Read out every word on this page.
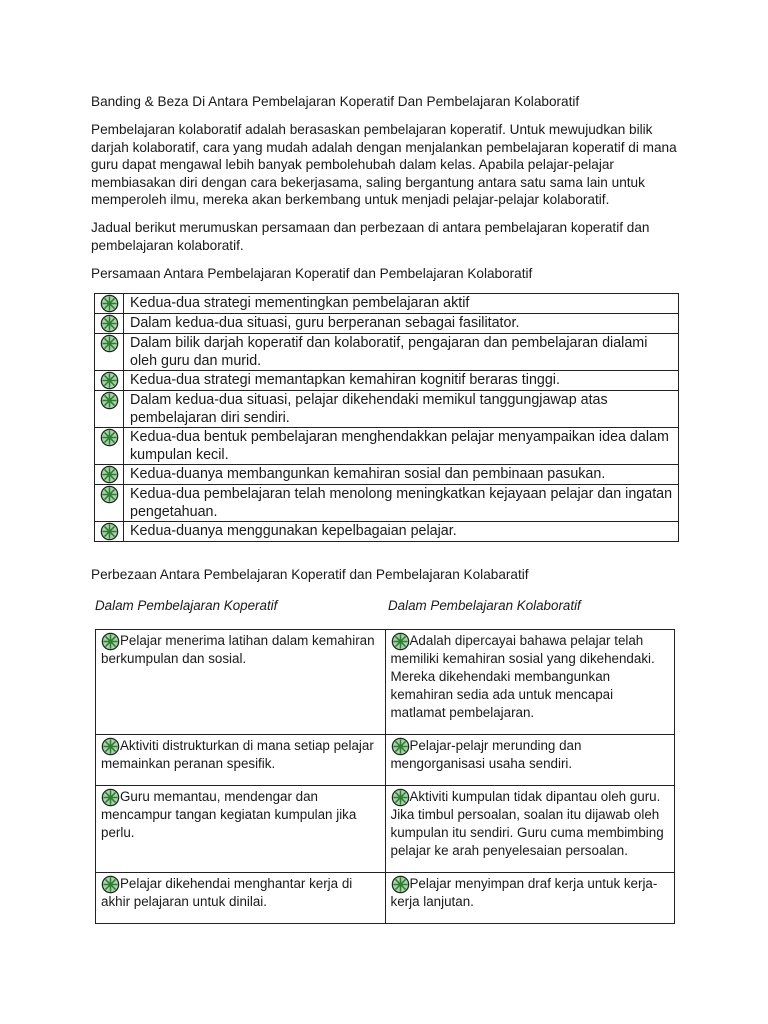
Banding & Beza Di Antara Pembelajaran Koperatif Dan Pembelajaran Kolaboratif

Pembelajaran kolaboratif adalah berasaskan pembelajaran koperatif. Untuk mewujudkan bilik darjah kolaboratif, cara yang mudah adalah dengan menjalankan pembelajaran koperatif di mana guru dapat mengawal lebih banyak pembolehubah dalam kelas. Apabila pelajar-pelajar membiasakan diri dengan cara bekerjasama, saling bergantung antara satu sama lain untuk memperoleh ilmu, mereka akan berkembang untuk menjadi pelajar-pelajar kolaboratif.

Jadual berikut merumuskan persamaan dan perbezaan di antara pembelajaran koperatif dan pembelajaran kolaboratif.

Persamaan Antara Pembelajaran Koperatif dan Pembelajaran Kolaboratif

	Kedua-dua strategi mementingkan pembelajaran aktif
	Dalam kedua-dua situasi, guru berperanan sebagai fasilitator.
	Dalam bilik darjah koperatif dan kolaboratif, pengajaran dan pembelajaran dialami oleh guru dan murid.
	Kedua-dua strategi memantapkan kemahiran kognitif beraras tinggi.
	Dalam kedua-dua situasi, pelajar dikehendaki memikul tanggungjawap atas pembelajaran diri sendiri.
	Kedua-dua bentuk pembelajaran menghendakkan pelajar menyampaikan idea dalam kumpulan kecil.
	Kedua-duanya membangunkan kemahiran sosial dan pembinaan pasukan.
	Kedua-dua pembelajaran telah menolong meningkatkan kejayaan pelajar dan ingatan pengetahuan.
	Kedua-duanya menggunakan kepelbagaian pelajar.

Perbezaan Antara Pembelajaran Koperatif dan Pembelajaran Kolabaratif

Dalam Pembelajaran Koperatif	Dalam Pembelajaran Kolaboratif
Pelajar menerima latihan dalam kemahiran berkumpulan dan sosial.	Adalah dipercayai bahawa pelajar telah memiliki kemahiran sosial yang dikehendaki. Mereka dikehendaki membangunkan kemahiran sedia ada untuk mencapai matlamat pembelajaran.

Aktiviti distrukturkan di mana setiap pelajar memainkan peranan spesifik.	Pelajar-pelajr merunding dan mengorganisasi usaha sendiri.

Guru memantau, mendengar dan mencampur tangan kegiatan kumpulan jika perlu.	Aktiviti kumpulan tidak dipantau oleh guru. Jika timbul persoalan, soalan itu dijawab oleh kumpulan itu sendiri. Guru cuma membimbing pelajar ke arah penyelesaian persoalan.

Pelajar dikehendai menghantar kerja di akhir pelajaran untuk dinilai.	Pelajar menyimpan draf kerja untuk kerja-kerja lanjutan.
